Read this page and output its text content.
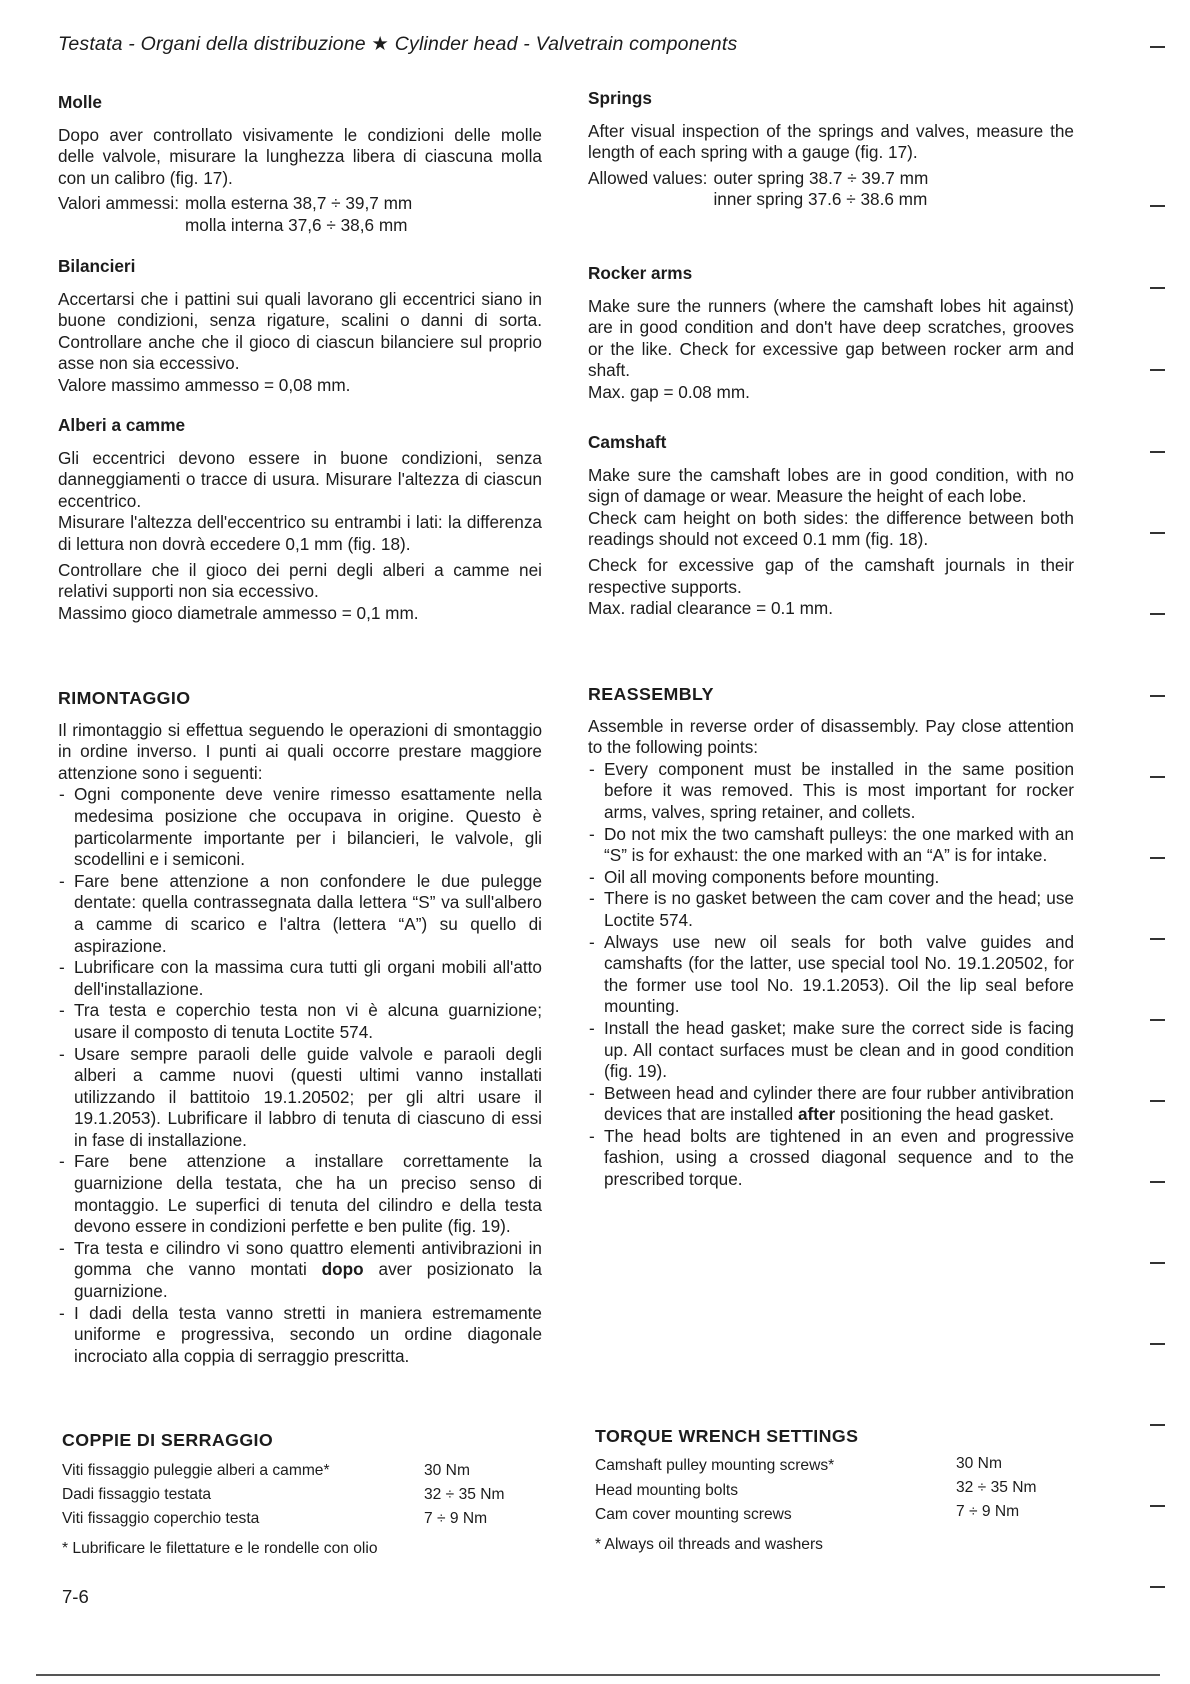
Testata - Organi della distribuzione ★ Cylinder head - Valvetrain components
Molle

Dopo aver controllato visivamente le condizioni delle molle delle valvole, misurare la lunghezza libera di ciascuna molla con un calibro (fig. 17).

Valori ammessi: molla esterna 38,7 ÷ 39,7 mm
molla interna 37,6 ÷ 38,6 mm
Bilancieri

Accertarsi che i pattini sui quali lavorano gli eccentrici siano in buone condizioni, senza rigature, scalini o danni di sorta. Controllare anche che il gioco di ciascun bilanciere sul proprio asse non sia eccessivo.

Valore massimo ammesso = 0,08 mm.

Alberi a camme

Gli eccentrici devono essere in buone condizioni, senza danneggiamenti o tracce di usura. Misurare l'altezza di ciascun eccentrico.

Misurare l'altezza dell'eccentrico su entrambi i lati: la differenza di lettura non dovrà eccedere 0,1 mm (fig. 18).

Controllare che il gioco dei perni degli alberi a camme nei relativi supporti non sia eccessivo.

Massimo gioco diametrale ammesso = 0,1 mm.

RIMONTAGGIO

Il rimontaggio si effettua seguendo le operazioni di smontaggio in ordine inverso. I punti ai quali occorre prestare maggiore attenzione sono i seguenti:

- Ogni componente deve venire rimesso esattamente nella medesima posizione che occupava in origine. Questo è particolarmente importante per i bilancieri, le valvole, gli scodellini e i semiconi.
- Fare bene attenzione a non confondere le due pulegge dentate: quella contrassegnata dalla lettera “S” va sull'albero a camme di scarico e l'altra (lettera “A”) su quello di aspirazione.
- Lubrificare con la massima cura tutti gli organi mobili all'atto dell'installazione.
- Tra testa e coperchio testa non vi è alcuna guarnizione; usare il composto di tenuta Loctite 574.
- Usare sempre paraoli delle guide valvole e paraoli degli alberi a camme nuovi (questi ultimi vanno installati utilizzando il battitoio 19.1.20502; per gli altri usare il 19.1.2053). Lubrificare il labbro di tenuta di ciascuno di essi in fase di installazione.
- Fare bene attenzione a installare correttamente la guarnizione della testata, che ha un preciso senso di montaggio. Le superfici di tenuta del cilindro e della testa devono essere in condizioni perfette e ben pulite (fig. 19).
- Tra testa e cilindro vi sono quattro elementi antivibrazioni in gomma che vanno montati dopo aver posizionato la guarnizione.
- I dadi della testa vanno stretti in maniera estremamente uniforme e progressiva, secondo un ordine diagonale incrociato alla coppia di serraggio prescritta.
Springs

After visual inspection of the springs and valves, measure the length of each spring with a gauge (fig. 17).

Allowed values: outer spring 38.7 ÷ 39.7 mm
inner spring 37.6 ÷ 38.6 mm
Rocker arms

Make sure the runners (where the camshaft lobes hit against) are in good condition and don't have deep scratches, grooves or the like. Check for excessive gap between rocker arm and shaft.

Max. gap = 0.08 mm.

Camshaft

Make sure the camshaft lobes are in good condition, with no sign of damage or wear. Measure the height of each lobe.

Check cam height on both sides: the difference between both readings should not exceed 0.1 mm (fig. 18).

Check for excessive gap of the camshaft journals in their respective supports.

Max. radial clearance = 0.1 mm.

REASSEMBLY

Assemble in reverse order of disassembly. Pay close attention to the following points:

- Every component must be installed in the same position before it was removed. This is most important for rocker arms, valves, spring retainer, and collets.
- Do not mix the two camshaft pulleys: the one marked with an “S” is for exhaust: the one marked with an “A” is for intake.
- Oil all moving components before mounting.
- There is no gasket between the cam cover and the head; use Loctite 574.
- Always use new oil seals for both valve guides and camshafts (for the latter, use special tool No. 19.1.20502, for the former use tool No. 19.1.2053). Oil the lip seal before mounting.
- Install the head gasket; make sure the correct side is facing up. All contact surfaces must be clean and in good condition (fig. 19).
- Between head and cylinder there are four rubber antivibration devices that are installed after positioning the head gasket.
- The head bolts are tightened in an even and progressive fashion, using a crossed diagonal sequence and to the prescribed torque.
COPPIE DI SERRAGGIO
Viti fissaggio puleggie alberi a camme*	30 Nm
Dadi fissaggio testata	32 ÷ 35 Nm
Viti fissaggio coperchio testa	7 ÷ 9 Nm
* Lubrificare le filettature e le rondelle con olio
TORQUE WRENCH SETTINGS
Camshaft pulley mounting screws*	30 Nm
Head mounting bolts	32 ÷ 35 Nm
Cam cover mounting screws	7 ÷ 9 Nm
* Always oil threads and washers
7-6
